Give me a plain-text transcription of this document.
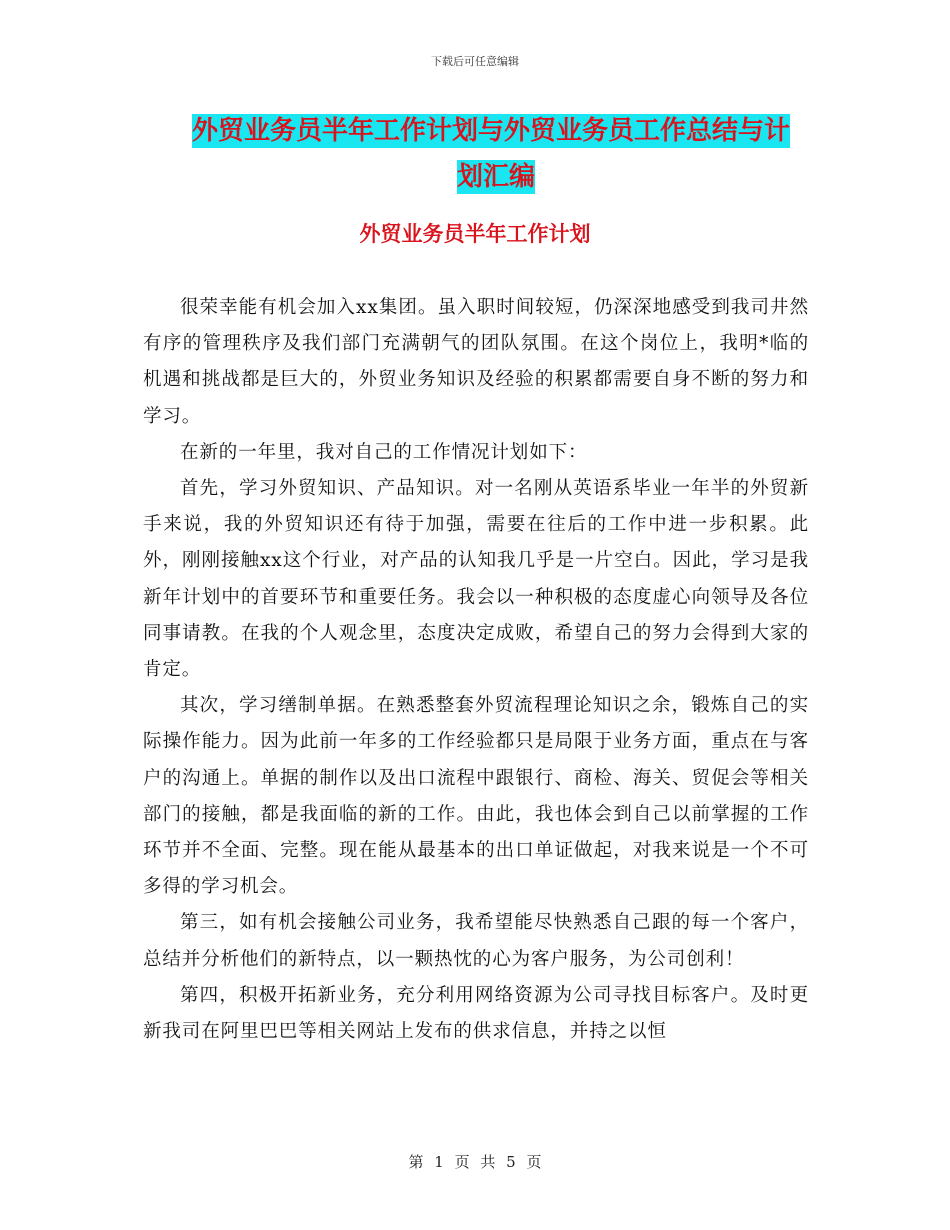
下载后可任意编辑
外贸业务员半年工作计划与外贸业务员工作总结与计
划汇编
外贸业务员半年工作计划

很荣幸能有机会加入xx集团。虽入职时间较短，仍深深地感受到我司井然有序的管理秩序及我们部门充满朝气的团队氛围。在这个岗位上，我明*临的机遇和挑战都是巨大的，外贸业务知识及经验的积累都需要自身不断的努力和学习。

在新的一年里，我对自己的工作情况计划如下：

首先，学习外贸知识、产品知识。对一名刚从英语系毕业一年半的外贸新手来说，我的外贸知识还有待于加强，需要在往后的工作中进一步积累。此外，刚刚接触xx这个行业，对产品的认知我几乎是一片空白。因此，学习是我新年计划中的首要环节和重要任务。我会以一种积极的态度虚心向领导及各位同事请教。在我的个人观念里，态度决定成败，希望自己的努力会得到大家的肯定。

其次，学习缮制单据。在熟悉整套外贸流程理论知识之余，锻炼自己的实际操作能力。因为此前一年多的工作经验都只是局限于业务方面，重点在与客户的沟通上。单据的制作以及出口流程中跟银行、商检、海关、贸促会等相关部门的接触，都是我面临的新的工作。由此，我也体会到自己以前掌握的工作环节并不全面、完整。现在能从最基本的出口单证做起，对我来说是一个不可多得的学习机会。

第三，如有机会接触公司业务，我希望能尽快熟悉自己跟的每一个客户，总结并分析他们的新特点，以一颗热忱的心为客户服务，为公司创利！

第四，积极开拓新业务，充分利用网络资源为公司寻找目标客户。及时更新我司在阿里巴巴等相关网站上发布的供求信息，并持之以恒

第 1 页 共 5 页
